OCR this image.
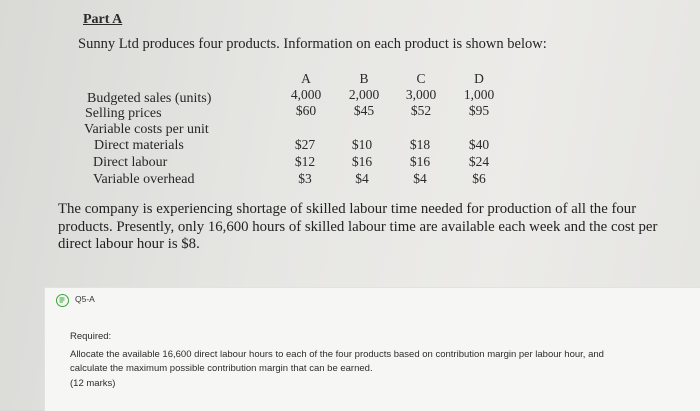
Part A
Sunny Ltd produces four products. Information on each product is shown below:
A	B	C	D
Budgeted sales (units)	4,000	2,000	3,000	1,000
Selling prices	$60	$45	$52	$95
Variable costs per unit
Direct materials	$27	$10	$18	$40
Direct labour	$12	$16	$16	$24
Variable overhead	$3	$4	$4	$6
The company is experiencing shortage of skilled labour time needed for production of all the four products. Presently, only 16,600 hours of skilled labour time are available each week and the cost per direct labour hour is $8.
Q5-A
Required:
Allocate the available 16,600 direct labour hours to each of the four products based on contribution margin per labour hour, and
calculate the maximum possible contribution margin that can be earned.
(12 marks)
